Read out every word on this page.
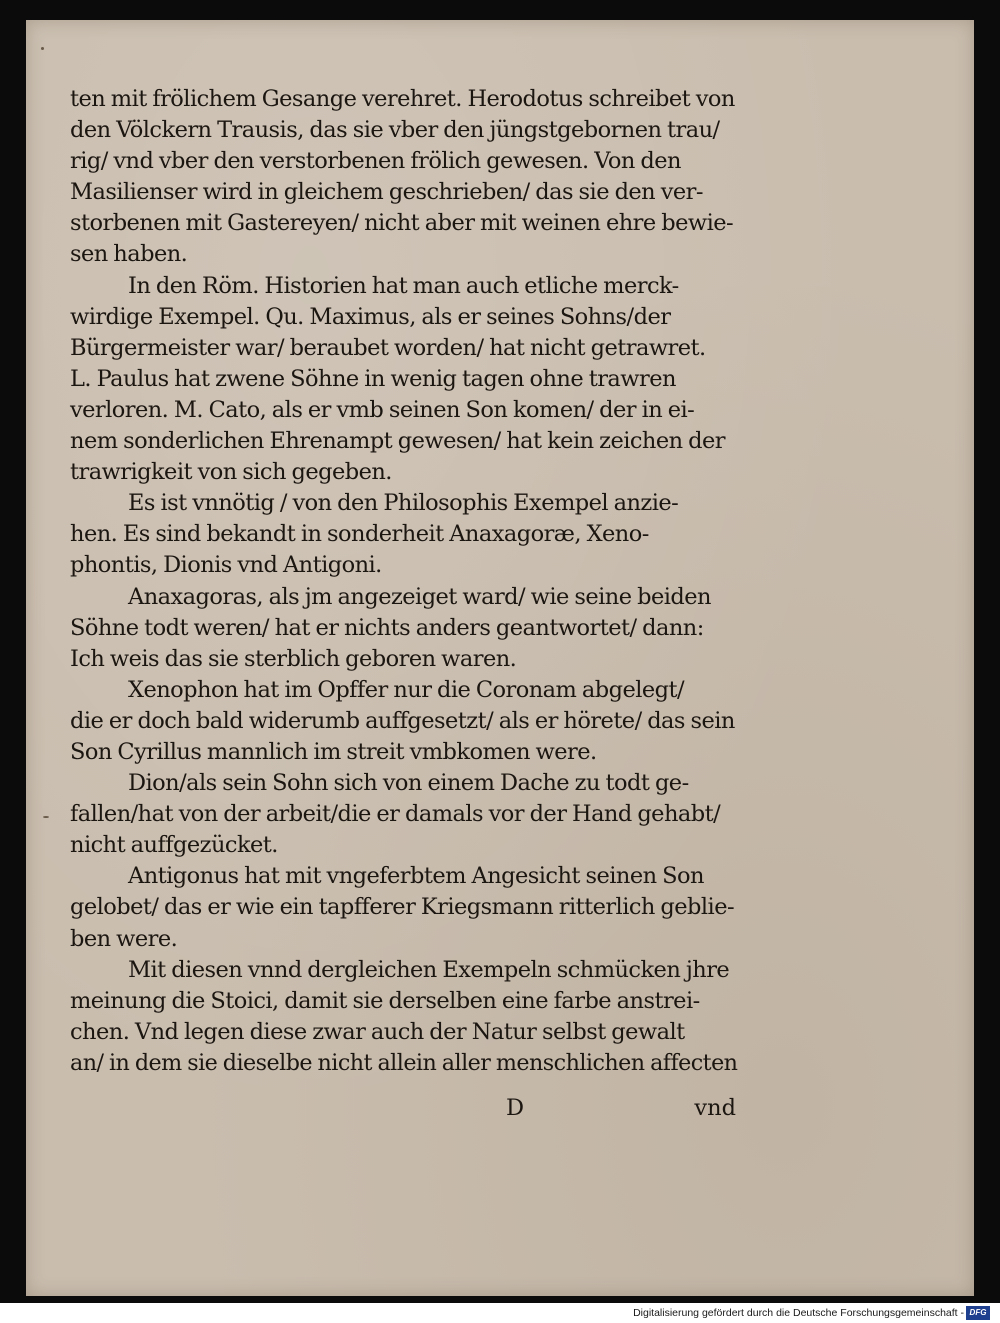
ten mit frölichem Gesange verehret. Herodotus schreibet von
den Völckern Trausis, das sie vber den jüngstgebornen trau/
rig/ vnd vber den verstorbenen frölich gewesen. Von den
Masilienser wird in gleichem geschrieben/ das sie den ver-
storbenen mit Gastereyen/ nicht aber mit weinen ehre bewie-
sen haben.
In den Röm. Historien hat man auch etliche merck-
wirdige Exempel. Qu. Maximus, als er seines Sohns/der
Bürgermeister war/ beraubet worden/ hat nicht getrawret.
L. Paulus hat zwene Söhne in wenig tagen ohne trawren
verloren. M. Cato, als er vmb seinen Son komen/ der in ei-
nem sonderlichen Ehrenampt gewesen/ hat kein zeichen der
trawrigkeit von sich gegeben.
Es ist vnnötig / von den Philosophis Exempel anzie-
hen. Es sind bekandt in sonderheit Anaxagoræ, Xeno-
phontis, Dionis vnd Antigoni.
Anaxagoras, als jm angezeiget ward/ wie seine beiden
Söhne todt weren/ hat er nichts anders geantwortet/ dann:
Ich weis das sie sterblich geboren waren.
Xenophon hat im Opffer nur die Coronam abgelegt/
die er doch bald widerumb auffgesetzt/ als er hörete/ das sein
Son Cyrillus mannlich im streit vmbkomen were.
Dion/als sein Sohn sich von einem Dache zu todt ge-
fallen/hat von der arbeit/die er damals vor der Hand gehabt/
nicht auffgezücket.
Antigonus hat mit vngeferbtem Angesicht seinen Son
gelobet/ das er wie ein tapfferer Kriegsmann ritterlich geblie-
ben were.
Mit diesen vnnd dergleichen Exempeln schmücken jhre
meinung die Stoici, damit sie derselben eine farbe anstrei-
chen. Vnd legen diese zwar auch der Natur selbst gewalt
an/ in dem sie dieselbe nicht allein aller menschlichen affecten
D	vnd
Digitalisierung gefördert durch die Deutsche Forschungsgemeinschaft - DFG
